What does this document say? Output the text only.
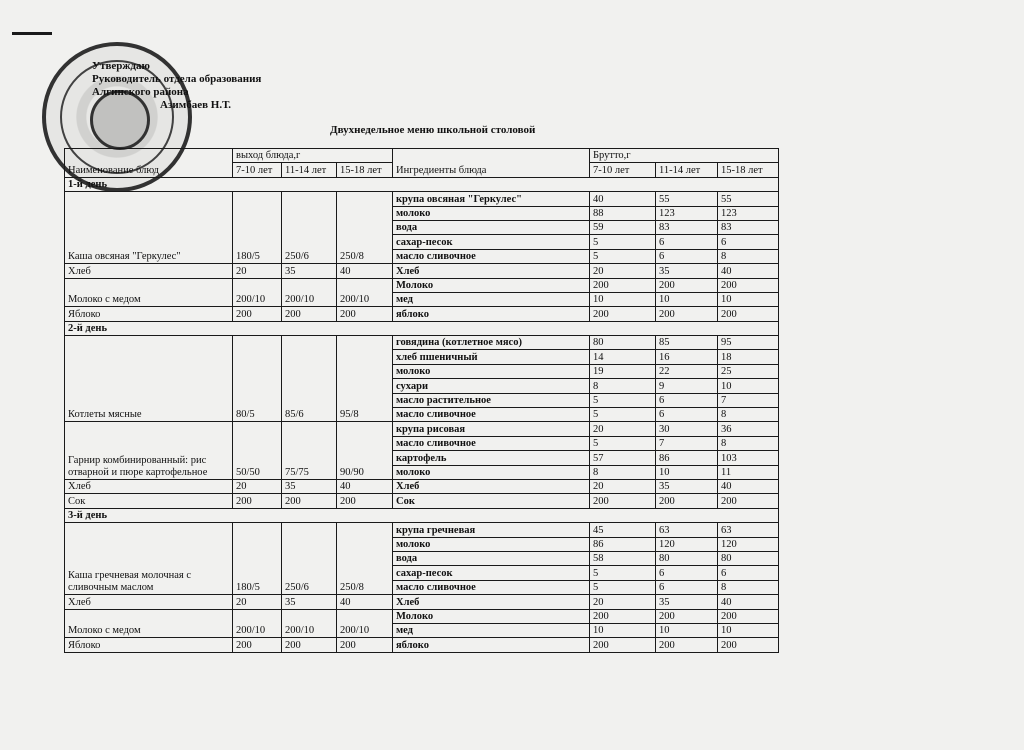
Утверждаю
Руководитель отдела образования
Алгинского района
Азимбаев Н.Т.
Двухнедельное меню школьной столовой
Наименование блюд	выход блюда,г			Ингредиенты блюда	Брутто,г		
	7-10 лет	11-14 лет	15-18 лет		7-10 лет	11-14 лет	15-18 лет
1-й день							
Каша овсяная "Геркулес"	180/5	250/6	250/8	крупа овсяная "Геркулес"	40	55	55
				молоко	88	123	123
				вода	59	83	83
				сахар-песок	5	6	6
				масло сливочное	5	6	8
Хлеб	20	35	40	Хлеб	20	35	40
Молоко с медом	200/10	200/10	200/10	Молоко	200	200	200
				мед	10	10	10
Яблоко	200	200	200	яблоко	200	200	200
2-й день							
Котлеты мясные	80/5	85/6	95/8	говядина (котлетное мясо)	80	85	95
				хлеб пшеничный	14	16	18
				молоко	19	22	25
				сухари	8	9	10
				масло растительное	5	6	7
				масло сливочное	5	6	8
Гарнир комбинированный: рис отварной и пюре картофельное	50/50	75/75	90/90	крупа рисовая	20	30	36
				масло сливочное	5	7	8
				картофель	57	86	103
				молоко	8	10	11
Хлеб	20	35	40	Хлеб	20	35	40
Сок	200	200	200	Сок	200	200	200
3-й день							
Каша гречневая молочная с сливочным маслом	180/5	250/6	250/8	крупа гречневая	45	63	63
				молоко	86	120	120
				вода	58	80	80
				сахар-песок	5	6	6
				масло сливочное	5	6	8
Хлеб	20	35	40	Хлеб	20	35	40
Молоко с медом	200/10	200/10	200/10	Молоко	200	200	200
				мед	10	10	10
Яблоко	200	200	200	яблоко	200	200	200
